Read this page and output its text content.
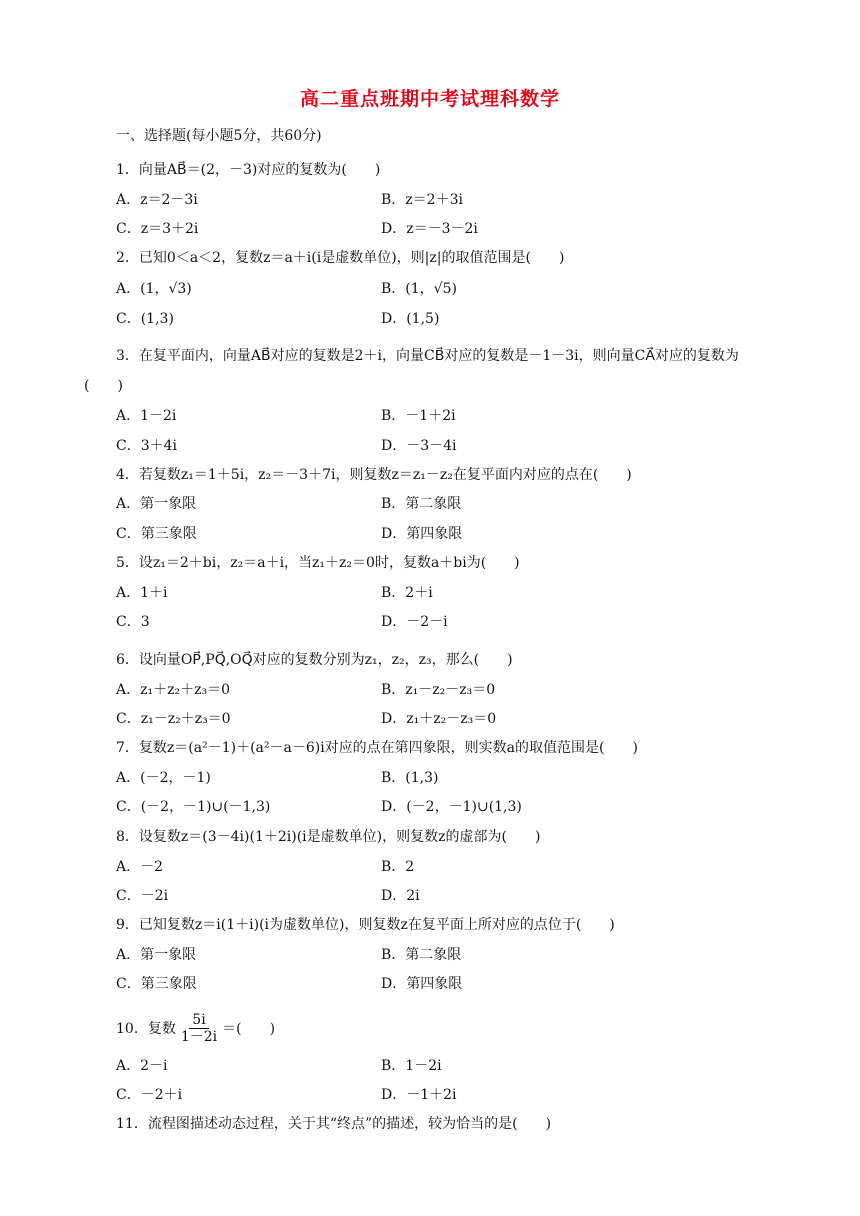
高二重点班期中考试理科数学
一、选择题(每小题5分，共60分)
1．向量AB⃗＝(2，－3)对应的复数为(　　)
A．z＝2－3i	B．z＝2＋3i
C．z＝3＋2i	D．z＝－3－2i
2．已知0＜a＜2，复数z＝a＋i(i是虚数单位)，则|z|的取值范围是(　　)
A．(1，√3)	B．(1，√5)
C．(1,3)	D．(1,5)
3．在复平面内，向量AB⃗对应的复数是2＋i，向量CB⃗对应的复数是－1－3i，则向量CA⃗对应的复数为
(　　)
A．1－2i	B．－1＋2i
C．3＋4i	D．－3－4i
4．若复数z₁＝1＋5i，z₂＝－3＋7i，则复数z＝z₁－z₂在复平面内对应的点在(　　)
A．第一象限	B．第二象限
C．第三象限	D．第四象限
5．设z₁＝2＋bi，z₂＝a＋i，当z₁＋z₂＝0时，复数a＋bi为(　　)
A．1＋i	B．2＋i
C．3	D．－2－i
6．设向量OP⃗,PQ⃗,OQ⃗对应的复数分别为z₁，z₂，z₃，那么(　　)
A．z₁＋z₂＋z₃＝0	B．z₁－z₂－z₃＝0
C．z₁－z₂＋z₃＝0	D．z₁＋z₂－z₃＝0
7．复数z＝(a²－1)＋(a²－a－6)i对应的点在第四象限，则实数a的取值范围是(　　)
A．(－2，－1)	B．(1,3)
C．(－2，－1)∪(－1,3)	D．(－2，－1)∪(1,3)
8．设复数z＝(3－4i)(1＋2i)(i是虚数单位)，则复数z的虚部为(　　)
A．－2	B．2
C．－2i	D．2i
9．已知复数z＝i(1＋i)(i为虚数单位)，则复数z在复平面上所对应的点位于(　　)
A．第一象限	B．第二象限
C．第三象限	D．第四象限
10．复数 $\frac{5i}{1-2i}$ ＝(　　)
A．2－i	B．1－2i
C．－2＋i	D．－1＋2i
11．流程图描述动态过程，关于其“终点”的描述，较为恰当的是(　　)
